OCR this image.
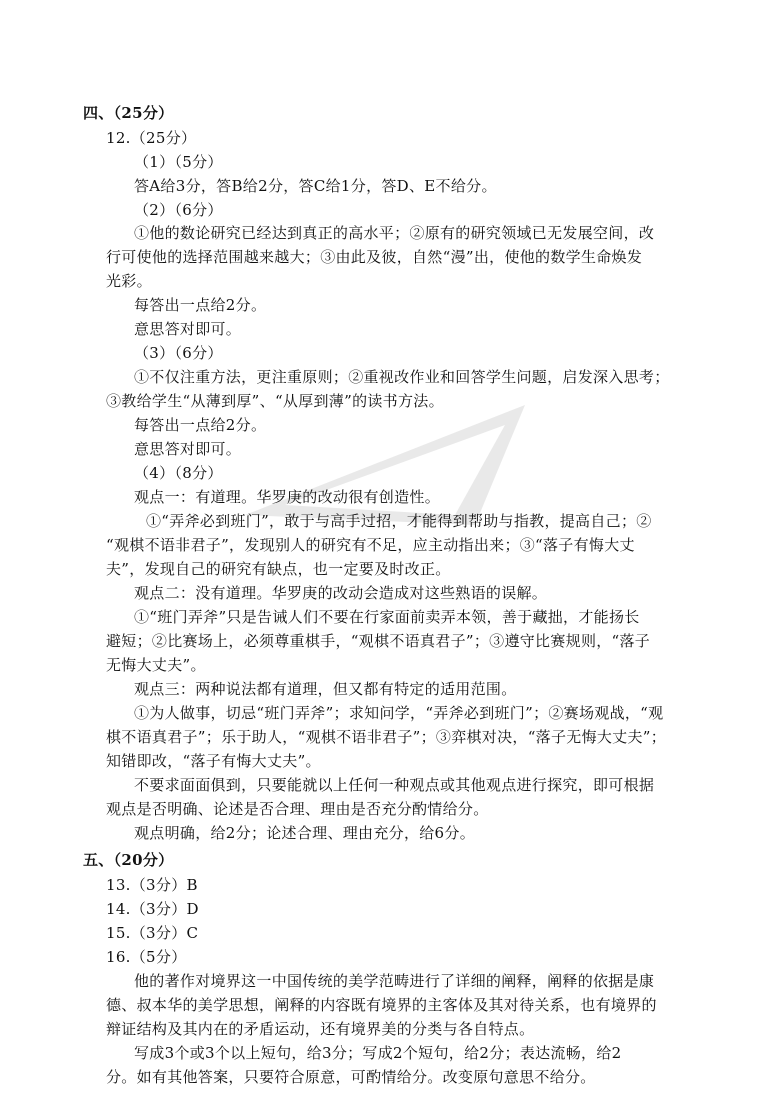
四、（25分）
12.（25分）
（1）（5分）
答A给3分，答B给2分，答C给1分，答D、E不给分。
（2）（6分）
①他的数论研究已经达到真正的高水平；②原有的研究领域已无发展空间，改
行可使他的选择范围越来越大；③由此及彼，自然“漫”出，使他的数学生命焕发
光彩。
每答出一点给2分。
意思答对即可。
（3）（6分）
①不仅注重方法，更注重原则；②重视改作业和回答学生问题，启发深入思考；
③教给学生“从薄到厚”、“从厚到薄”的读书方法。
每答出一点给2分。
意思答对即可。
（4）（8分）
观点一：有道理。华罗庚的改动很有创造性。
①“弄斧必到班门”，敢于与高手过招，才能得到帮助与指教，提高自己；②
“观棋不语非君子”，发现别人的研究有不足，应主动指出来；③“落子有悔大丈
夫”，发现自己的研究有缺点，也一定要及时改正。
观点二：没有道理。华罗庚的改动会造成对这些熟语的误解。
①“班门弄斧”只是告诫人们不要在行家面前卖弄本领，善于藏拙，才能扬长
避短；②比赛场上，必须尊重棋手，“观棋不语真君子”；③遵守比赛规则，“落子
无悔大丈夫”。
观点三：两种说法都有道理，但又都有特定的适用范围。
①为人做事，切忌“班门弄斧”；求知问学，“弄斧必到班门”；②赛场观战，“观
棋不语真君子”；乐于助人，“观棋不语非君子”；③弈棋对决，“落子无悔大丈夫”；
知错即改，“落子有悔大丈夫”。
不要求面面俱到，只要能就以上任何一种观点或其他观点进行探究，即可根据
观点是否明确、论述是否合理、理由是否充分酌情给分。
观点明确，给2分；论述合理、理由充分，给6分。
五、（20分）
13.（3分）B
14.（3分）D
15.（3分）C
16.（5分）
他的著作对境界这一中国传统的美学范畴进行了详细的阐释，阐释的依据是康
德、叔本华的美学思想，阐释的内容既有境界的主客体及其对待关系，也有境界的
辩证结构及其内在的矛盾运动，还有境界美的分类与各自特点。
写成3个或3个以上短句，给3分；写成2个短句，给2分；表达流畅，给2
分。如有其他答案，只要符合原意，可酌情给分。改变原句意思不给分。
